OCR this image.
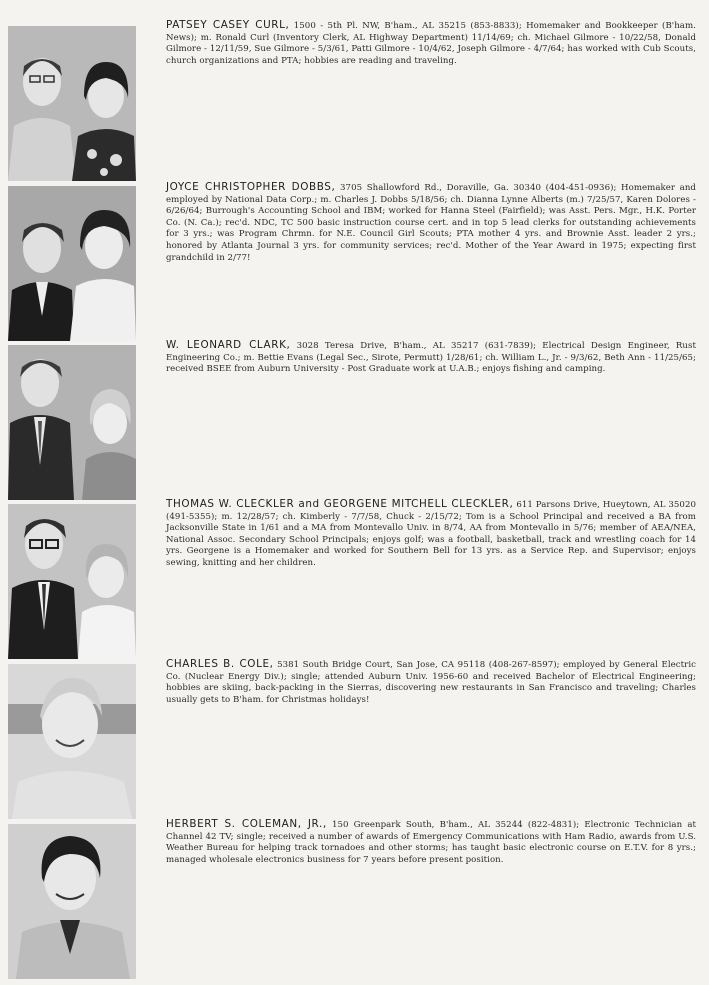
PATSEY CASEY CURL, 1500 - 5th Pl. NW, B'ham., AL 35215 (853-8833); Homemaker and Bookkeeper (B'ham. News); m. Ronald Curl (Inventory Clerk, AL Highway Department) 11/14/69; ch. Michael Gilmore - 10/22/58, Donald Gilmore - 12/11/59, Sue Gilmore - 5/3/61, Patti Gilmore - 10/4/62, Joseph Gilmore - 4/7/64; has worked with Cub Scouts, church organizations and PTA; hobbies are reading and traveling.
JOYCE CHRISTOPHER DOBBS, 3705 Shallowford Rd., Doraville, Ga. 30340 (404-451-0936); Homemaker and employed by National Data Corp.; m. Charles J. Dobbs 5/18/56; ch. Dianna Lynne Alberts (m.) 7/25/57, Karen Dolores - 6/26/64; Burrough's Accounting School and IBM; worked for Hanna Steel (Fairfield); was Asst. Pers. Mgr., H.K. Porter Co. (N. Ca.); rec'd. NDC, TC 500 basic instruction course cert. and in top 5 lead clerks for outstanding achievements for 3 yrs.; was Program Chrmn. for N.E. Council Girl Scouts; PTA mother 4 yrs. and Brownie Asst. leader 2 yrs.; honored by Atlanta Journal 3 yrs. for community services; rec'd. Mother of the Year Award in 1975; expecting first grandchild in 2/77!
W. LEONARD CLARK, 3028 Teresa Drive, B'ham., AL 35217 (631-7839); Electrical Design Engineer, Rust Engineering Co.; m. Bettie Evans (Legal Sec., Sirote, Permutt) 1/28/61; ch. William L., Jr. - 9/3/62, Beth Ann - 11/25/65; received BSEE from Auburn University - Post Graduate work at U.A.B.; enjoys fishing and camping.
THOMAS W. CLECKLER and GEORGENE MITCHELL CLECKLER, 611 Parsons Drive, Hueytown, AL 35020 (491-5355); m. 12/28/57; ch. Kimberly - 7/7/58, Chuck - 2/15/72; Tom is a School Principal and received a BA from Jacksonville State in 1/61 and a MA from Montevallo Univ. in 8/74, AA from Montevallo in 5/76; member of AEA/NEA, National Assoc. Secondary School Principals; enjoys golf; was a football, basketball, track and wrestling coach for 14 yrs. Georgene is a Homemaker and worked for Southern Bell for 13 yrs. as a Service Rep. and Supervisor; enjoys sewing, knitting and her children.
CHARLES B. COLE, 5381 South Bridge Court, San Jose, CA 95118 (408-267-8597); employed by General Electric Co. (Nuclear Energy Div.); single; attended Auburn Univ. 1956-60 and received Bachelor of Electrical Engineering; hobbies are skiing, back-packing in the Sierras, discovering new restaurants in San Francisco and traveling; Charles usually gets to B'ham. for Christmas holidays!
HERBERT S. COLEMAN, JR., 150 Greenpark South, B'ham., AL 35244 (822-4831); Electronic Technician at Channel 42 TV; single; received a number of awards of Emergency Communications with Ham Radio, awards from U.S. Weather Bureau for helping track tornadoes and other storms; has taught basic electronic course on E.T.V. for 8 yrs.; managed wholesale electronics business for 7 years before present position.
